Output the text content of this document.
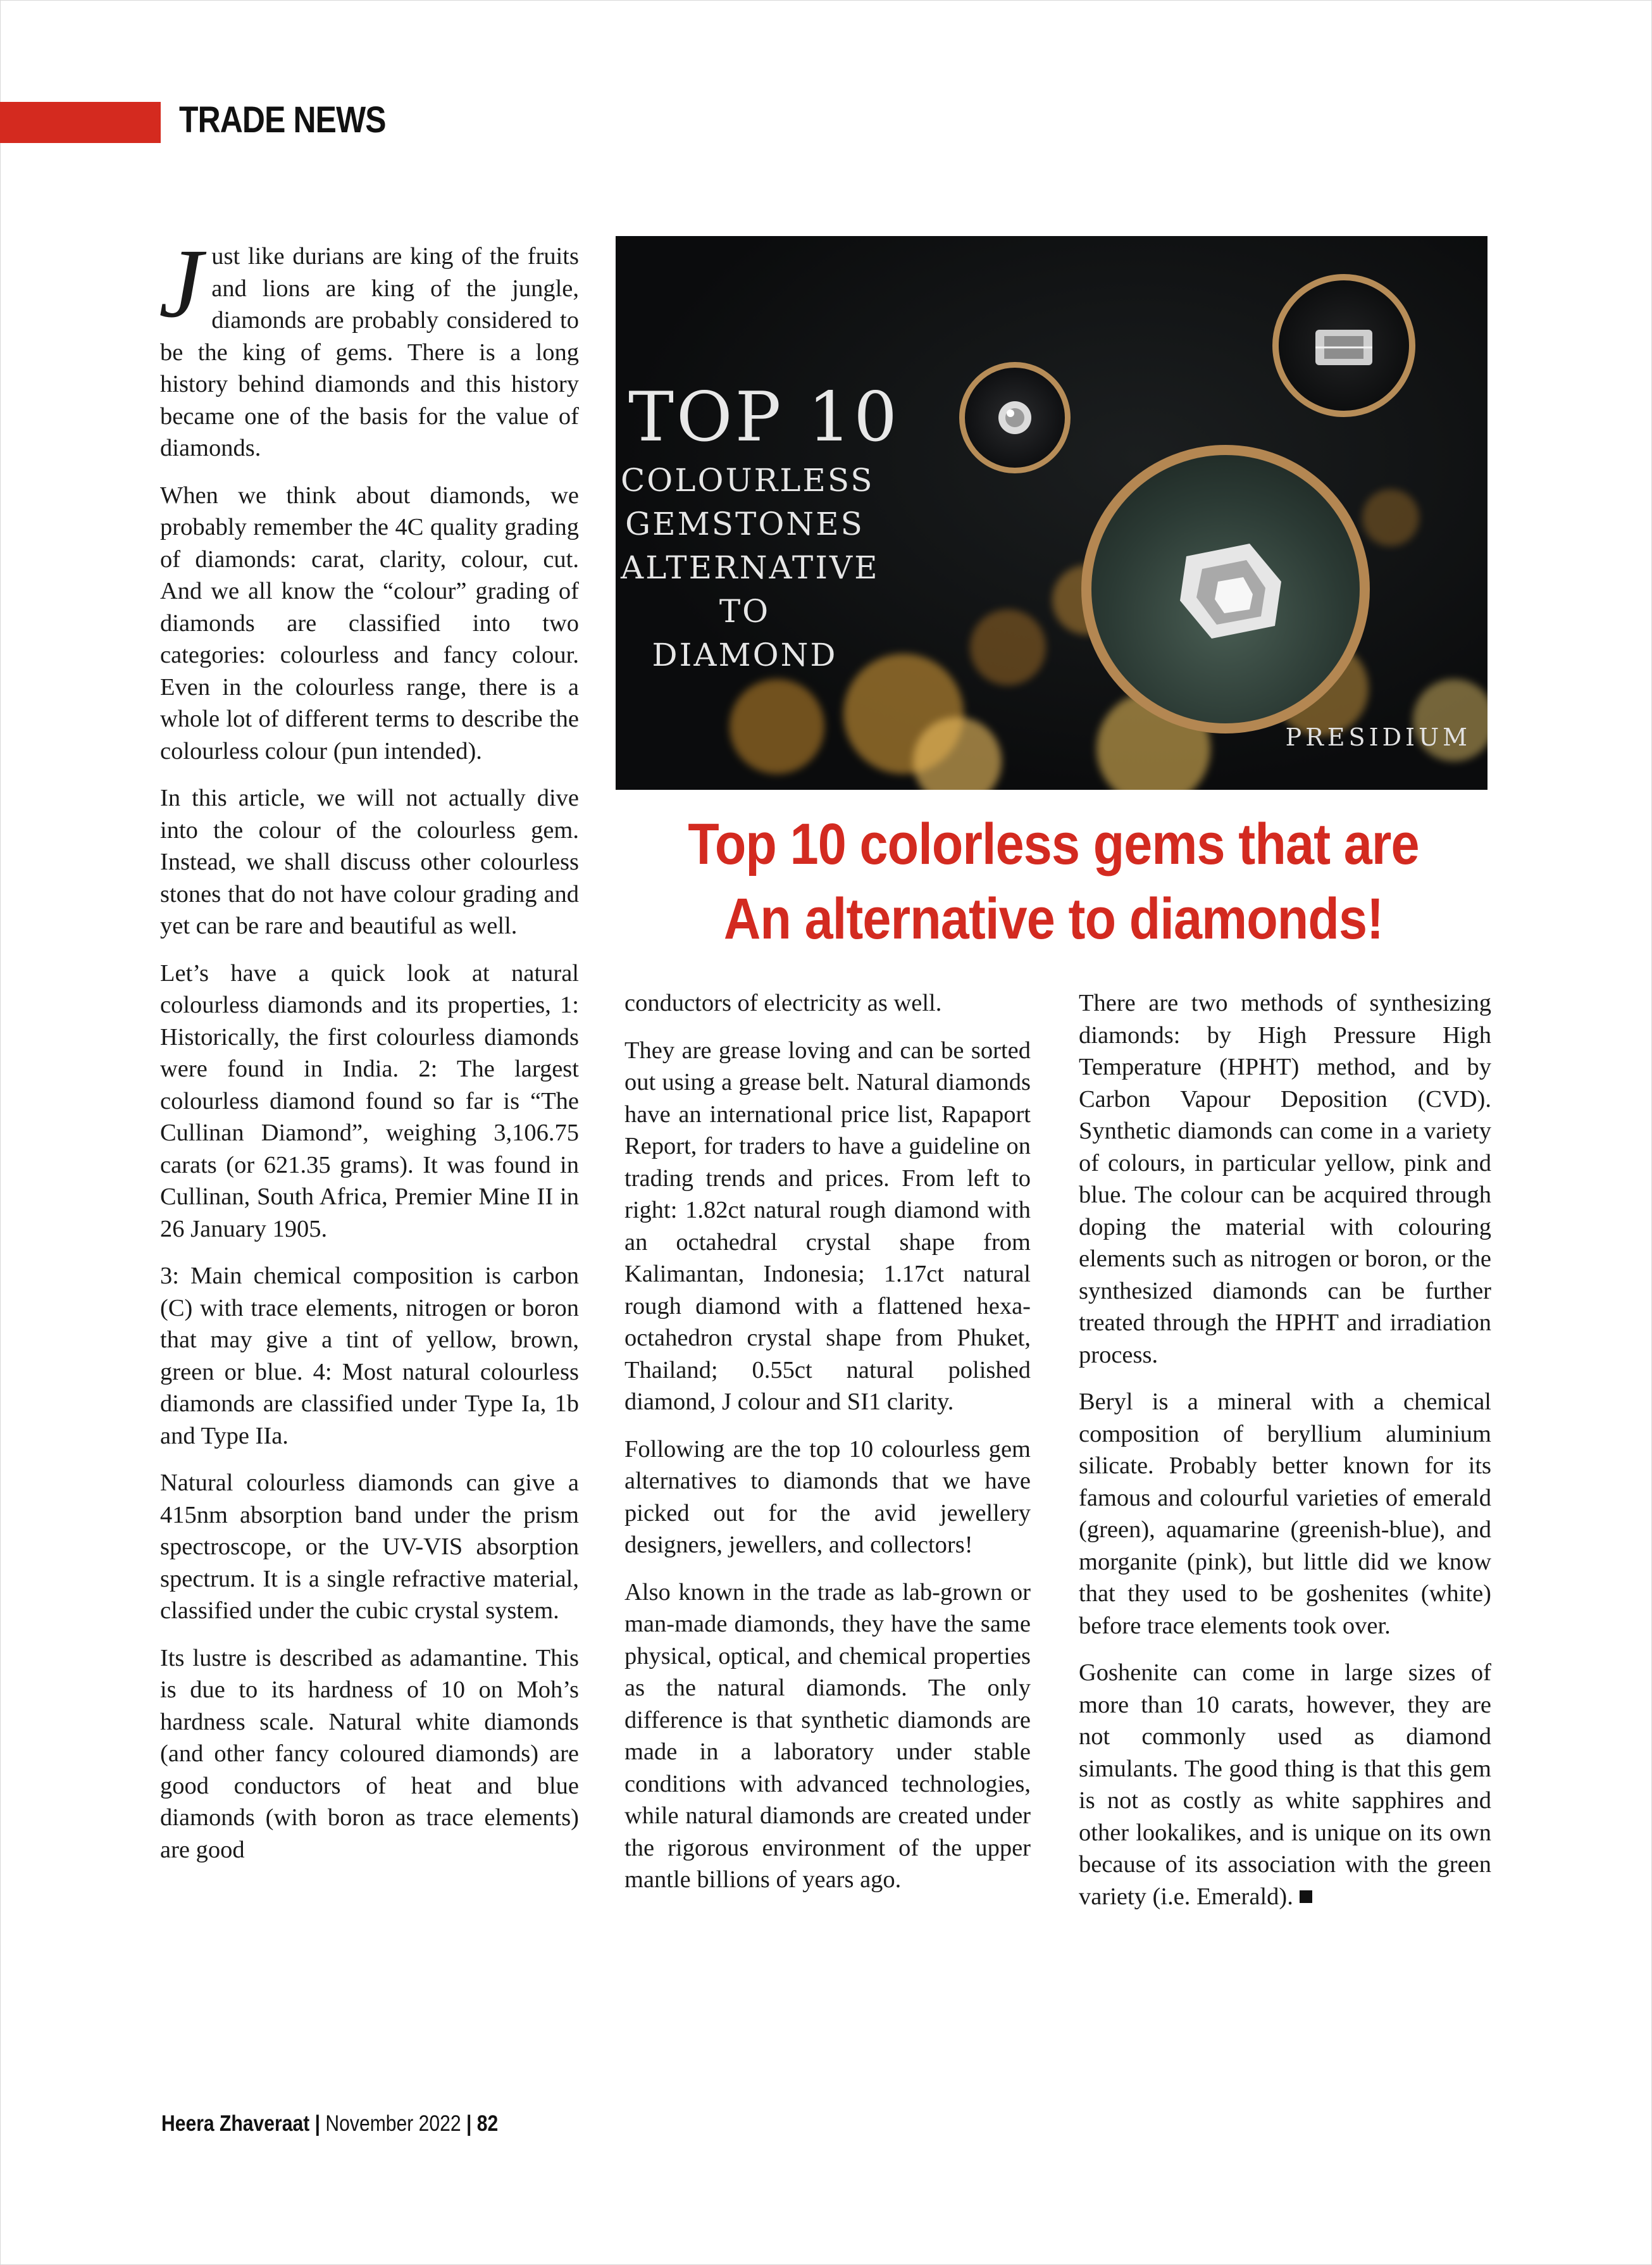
TRADE NEWS

J ust like durians are king of the fruits and lions are king of the jungle, diamonds are probably considered to be the king of gems. There is a long history behind diamonds and this history became one of the basis for the value of diamonds.

When we think about diamonds, we probably remember the 4C quality grading of diamonds: carat, clarity, colour, cut. And we all know the “colour” grading of diamonds are classified into two categories: colourless and fancy colour. Even in the colourless range, there is a whole lot of different terms to describe the colourless colour (pun intended).

In this article, we will not actually dive into the colour of the colourless gem. Instead, we shall discuss other colourless stones that do not have colour grading and yet can be rare and beautiful as well.

Let’s have a quick look at natural colourless diamonds and its properties, 1: Historically, the first colourless diamonds were found in India. 2: The largest colourless diamond found so far is “The Cullinan Diamond”, weighing 3,106.75 carats (or 621.35 grams). It was found in Cullinan, South Africa, Premier Mine II in 26 January 1905.

3: Main chemical composition is carbon (C) with trace elements, nitrogen or boron that may give a tint of yellow, brown, green or blue. 4: Most natural colourless diamonds are classified under Type Ia, 1b and Type IIa.

Natural colourless diamonds can give a 415nm absorption band under the prism spectroscope, or the UV-VIS absorption spectrum. It is a single refractive material, classified under the cubic crystal system.

Its lustre is described as adamantine. This is due to its hardness of 10 on Moh’s hardness scale. Natural white diamonds (and other fancy coloured diamonds) are good conductors of heat and blue diamonds (with boron as trace elements) are good

TOP 10
COLOURLESS
GEMSTONES
ALTERNATIVE
TO DIAMOND
PRESIDIUM
Top 10 colorless gems that are
An alternative to diamonds!

conductors of electricity as well.

They are grease loving and can be sorted out using a grease belt. Natural diamonds have an international price list, Rapaport Report, for traders to have a guideline on trading trends and prices. From left to right: 1.82ct natural rough diamond with an octahedral crystal shape from Kalimantan, Indonesia; 1.17ct natural rough diamond with a flattened hexa-octahedron crystal shape from Phuket, Thailand; 0.55ct natural polished diamond, J colour and SI1 clarity.

Following are the top 10 colourless gem alternatives to diamonds that we have picked out for the avid jewellery designers, jewellers, and collectors!

Also known in the trade as lab-grown or man-made diamonds, they have the same physical, optical, and chemical properties as the natural diamonds. The only difference is that synthetic diamonds are made in a laboratory under stable conditions with advanced technologies, while natural diamonds are created under the rigorous environment of the upper mantle billions of years ago.

There are two methods of synthesizing diamonds: by High Pressure High Temperature (HPHT) method, and by Carbon Vapour Deposition (CVD). Synthetic diamonds can come in a variety of colours, in particular yellow, pink and blue. The colour can be acquired through doping the material with colouring elements such as nitrogen or boron, or the synthesized diamonds can be further treated through the HPHT and irradiation process.

Beryl is a mineral with a chemical composition of beryllium aluminium silicate. Probably better known for its famous and colourful varieties of emerald (green), aquamarine (greenish-blue), and morganite (pink), but little did we know that they used to be goshenites (white) before trace elements took over.

Goshenite can come in large sizes of more than 10 carats, however, they are not commonly used as diamond simulants. The good thing is that this gem is not as costly as white sapphires and other lookalikes, and is unique on its own because of its association with the green variety (i.e. Emerald).

Heera Zhaveraat | November 2022 | 82
